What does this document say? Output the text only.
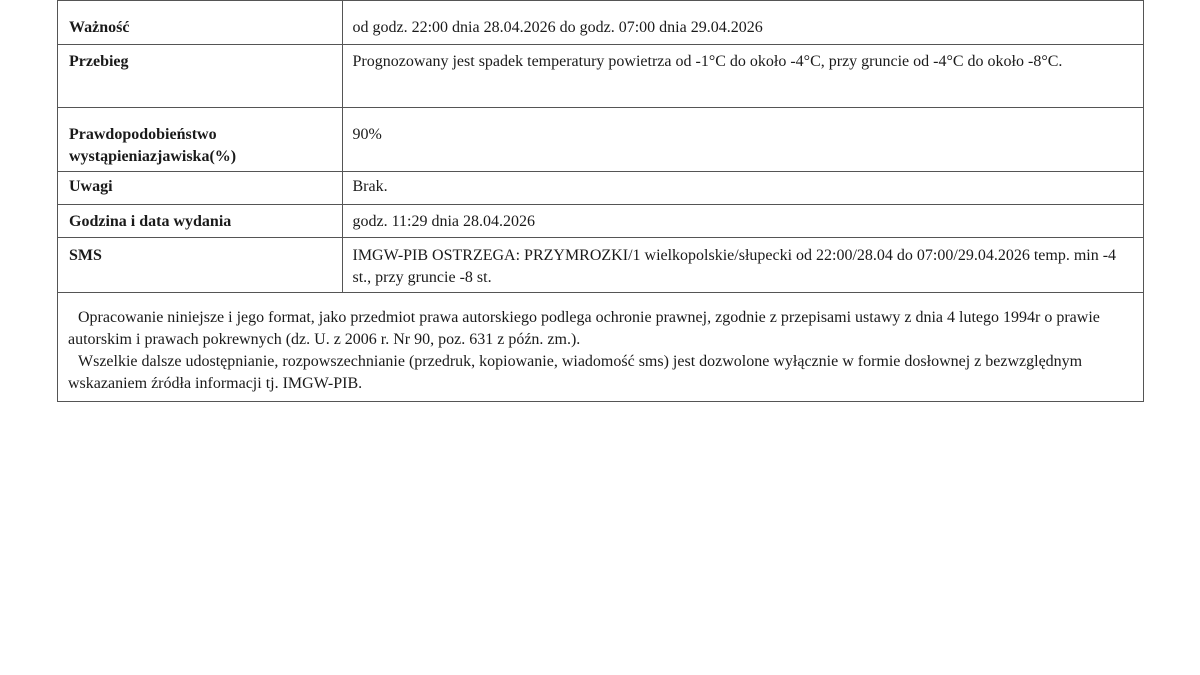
Ważność	od godz. 22:00 dnia 28.04.2026 do godz. 07:00 dnia 29.04.2026
Przebieg	Prognozowany jest spadek temperatury powietrza od -1°C do około -4°C, przy gruncie od -4°C do około -8°C.
Prawdopodobieństwo wystąpieniazjawiska(%)	90%
Uwagi	Brak.
Godzina i data wydania	godz. 11:29 dnia 28.04.2026
SMS	IMGW-PIB OSTRZEGA: PRZYMROZKI/1 wielkopolskie/słupecki od 22:00/28.04 do 07:00/29.04.2026 temp. min -4 st., przy gruncie -8 st.

Opracowanie niniejsze i jego format, jako przedmiot prawa autorskiego podlega ochronie prawnej, zgodnie z przepisami ustawy z dnia 4 lutego 1994r o prawie autorskim i prawach pokrewnych (dz. U. z 2006 r. Nr 90, poz. 631 z późn. zm.).

Wszelkie dalsze udostępnianie, rozpowszechnianie (przedruk, kopiowanie, wiadomość sms) jest dozwolone wyłącznie w formie dosłownej z bezwzględnym wskazaniem źródła informacji tj. IMGW-PIB.
